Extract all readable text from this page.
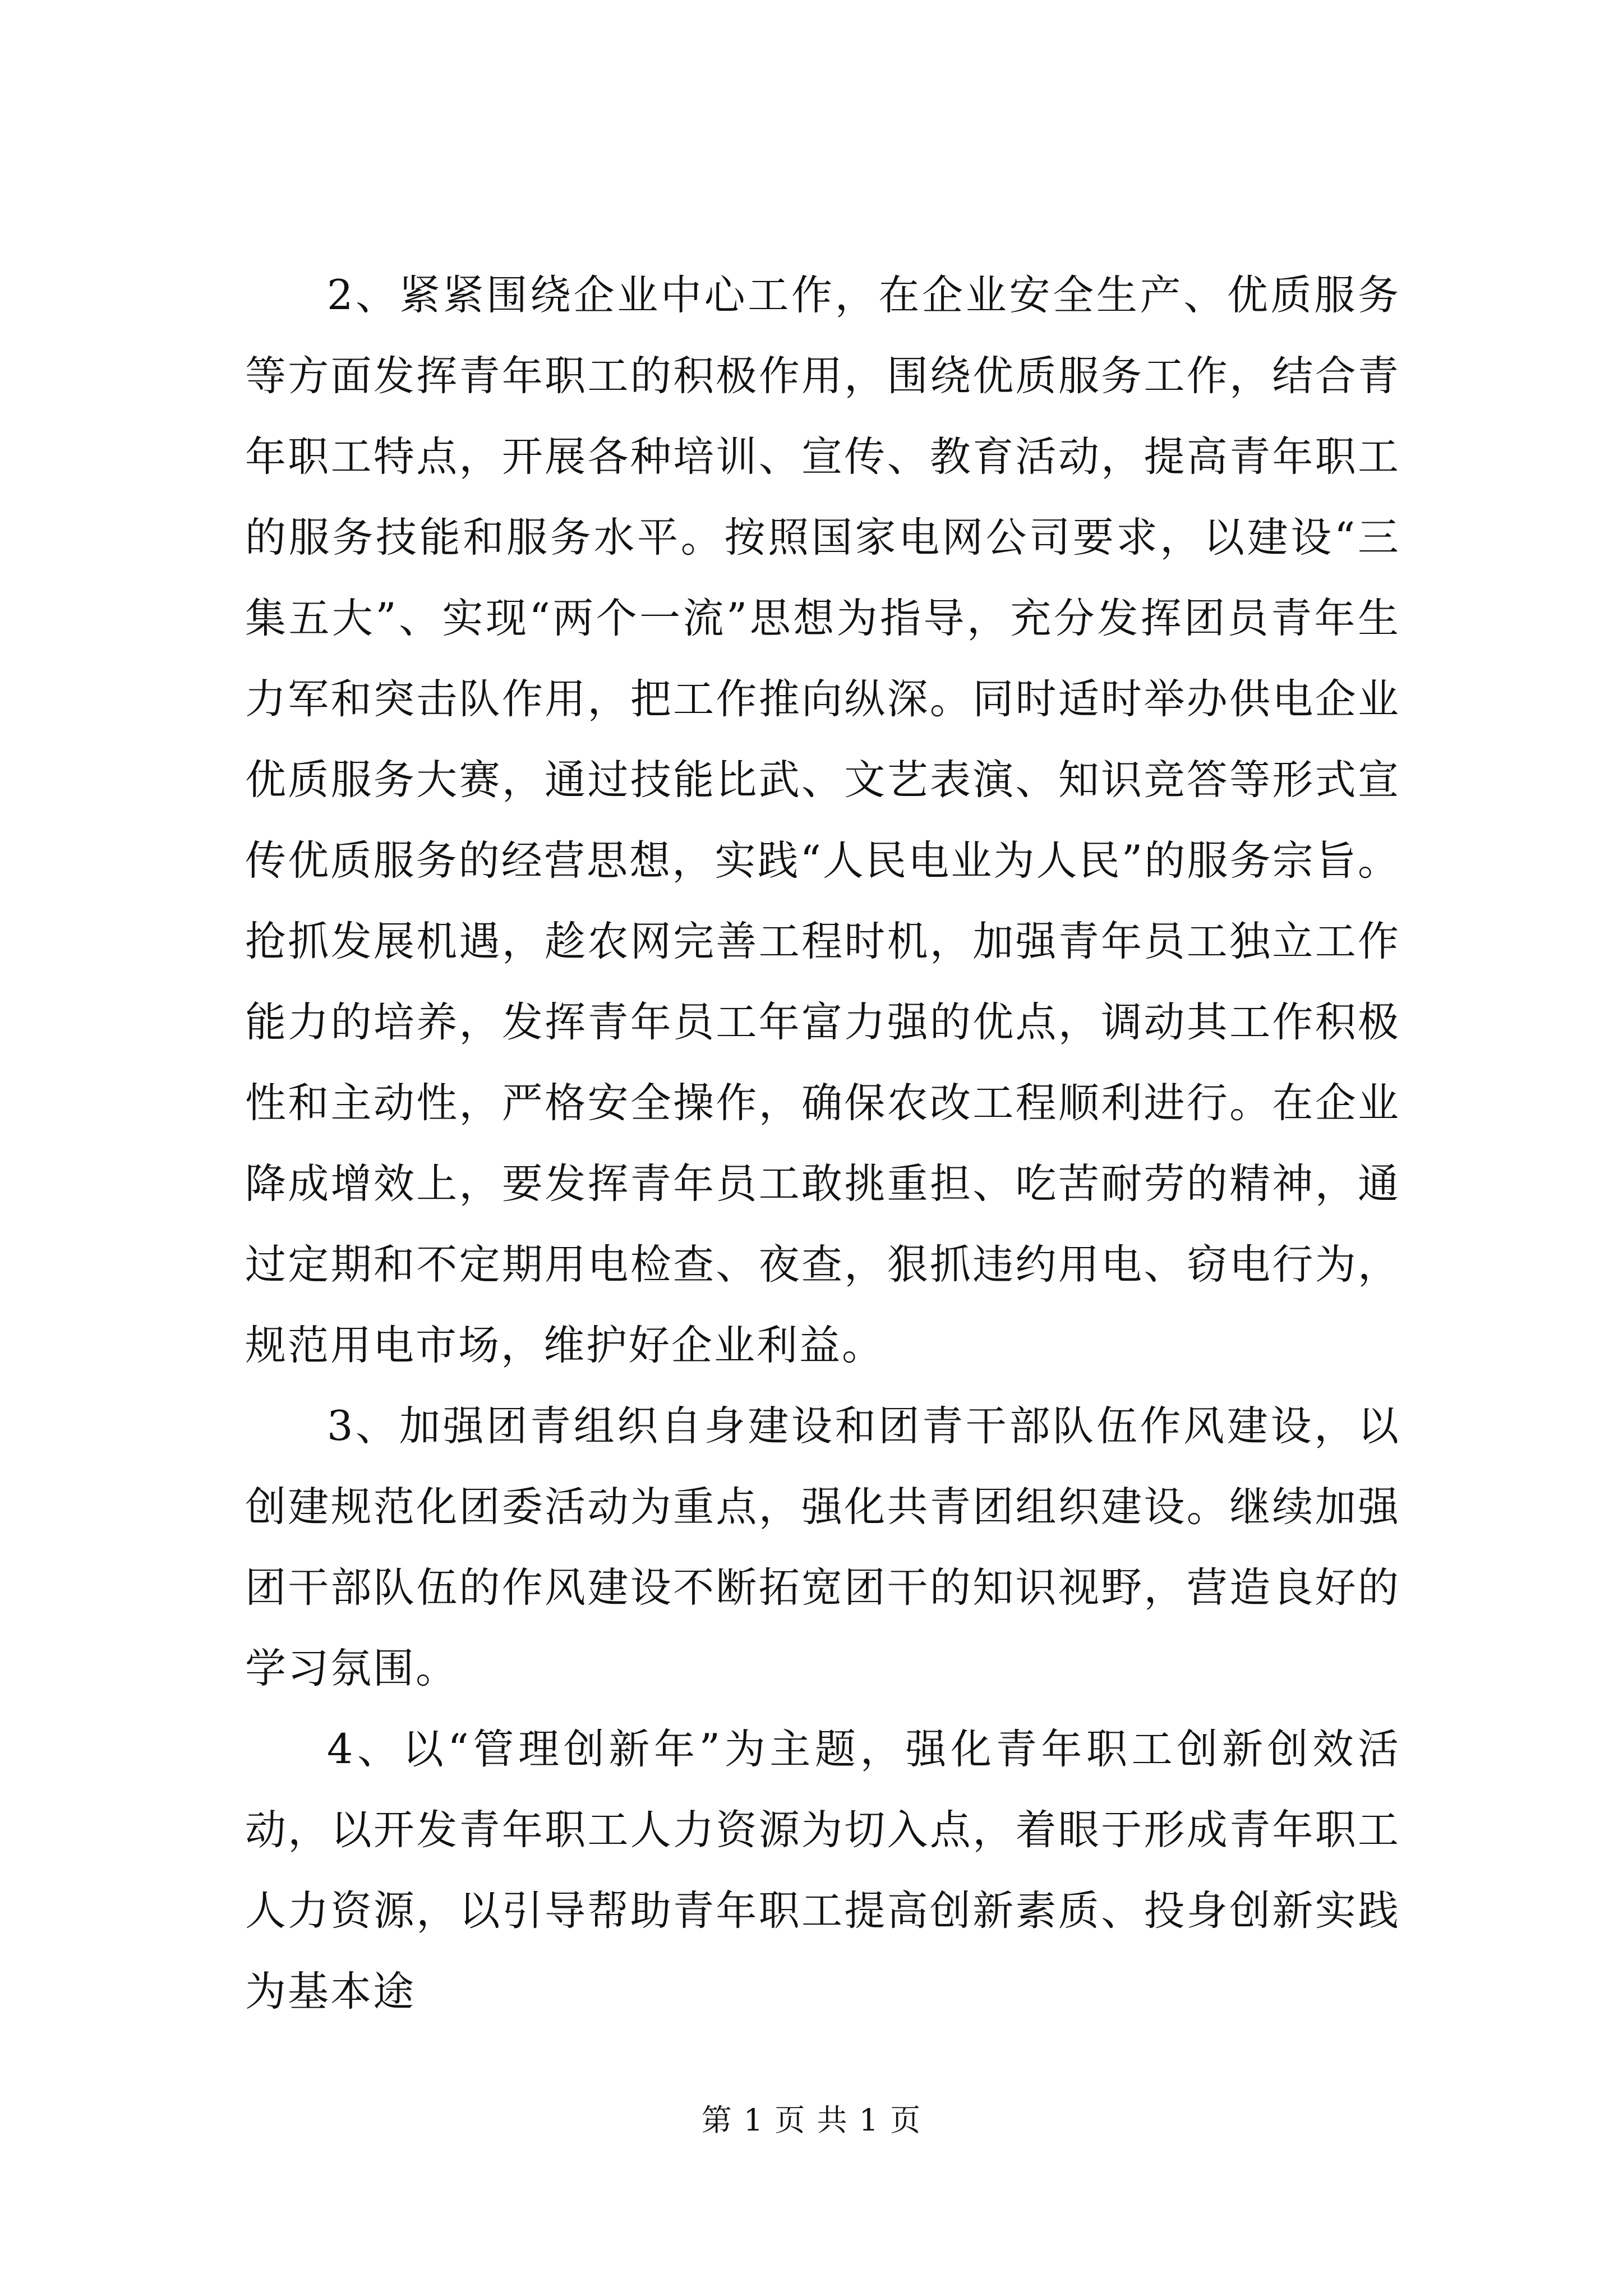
2、紧紧围绕企业中心工作，在企业安全生产、优质服务等方面发挥青年职工的积极作用，围绕优质服务工作，结合青年职工特点，开展各种培训、宣传、教育活动，提高青年职工的服务技能和服务水平。按照国家电网公司要求，以建设“三集五大”、实现“两个一流”思想为指导，充分发挥团员青年生力军和突击队作用，把工作推向纵深。同时适时举办供电企业优质服务大赛，通过技能比武、文艺表演、知识竞答等形式宣传优质服务的经营思想，实践“人民电业为人民”的服务宗旨。抢抓发展机遇，趁农网完善工程时机，加强青年员工独立工作能力的培养，发挥青年员工年富力强的优点，调动其工作积极性和主动性，严格安全操作，确保农改工程顺利进行。在企业降成增效上，要发挥青年员工敢挑重担、吃苦耐劳的精神，通过定期和不定期用电检查、夜查，狠抓违约用电、窃电行为，规范用电市场，维护好企业利益。

3、加强团青组织自身建设和团青干部队伍作风建设，以创建规范化团委活动为重点，强化共青团组织建设。继续加强团干部队伍的作风建设不断拓宽团干的知识视野，营造良好的学习氛围。

4、以“管理创新年”为主题，强化青年职工创新创效活动，以开发青年职工人力资源为切入点，着眼于形成青年职工人力资源，以引导帮助青年职工提高创新素质、投身创新实践为基本途

第 1 页 共 1 页
